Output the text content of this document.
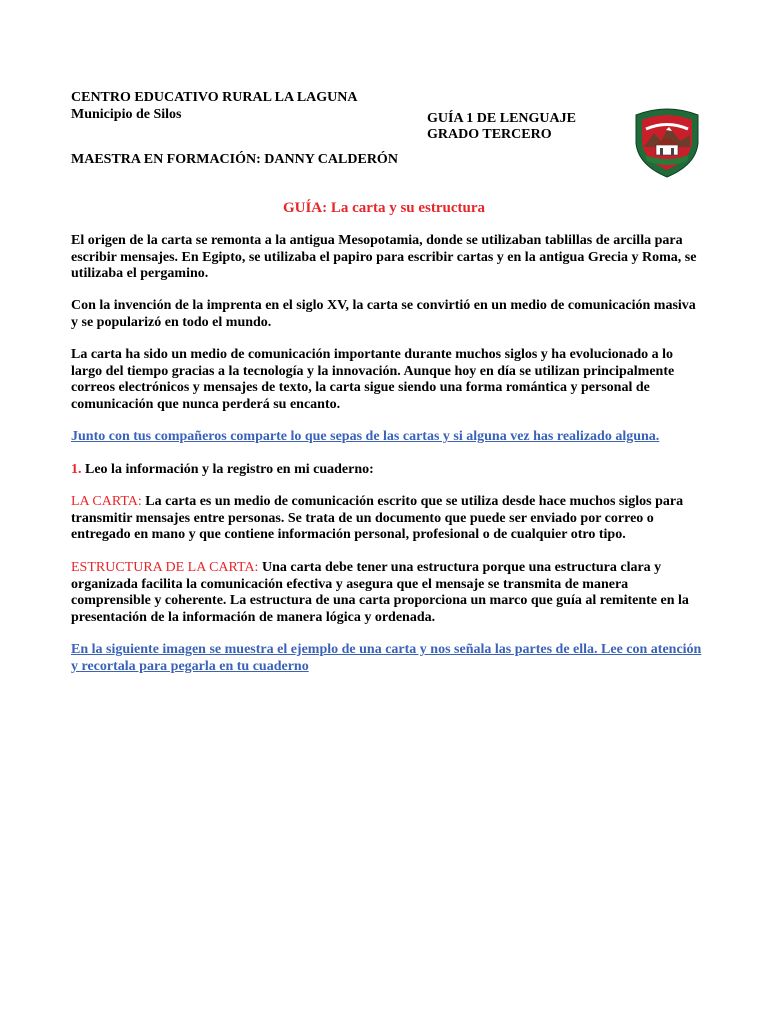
CENTRO EDUCATIVO RURAL LA LAGUNA
Municipio de Silos	GUÍA 1 DE LENGUAJE
GRADO TERCERO
MAESTRA EN FORMACIÓN: DANNY CALDERÓN
GUÍA: La carta y su estructura
El origen de la carta se remonta a la antigua Mesopotamia, donde se utilizaban tablillas de arcilla para escribir mensajes. En Egipto, se utilizaba el papiro para escribir cartas y en la antigua Grecia y Roma, se utilizaba el pergamino.
Con la invención de la imprenta en el siglo XV, la carta se convirtió en un medio de comunicación masiva y se popularizó en todo el mundo.
La carta ha sido un medio de comunicación importante durante muchos siglos y ha evolucionado a lo largo del tiempo gracias a la tecnología y la innovación. Aunque hoy en día se utilizan principalmente correos electrónicos y mensajes de texto, la carta sigue siendo una forma romántica y personal de comunicación que nunca perderá su encanto.
Junto con tus compañeros comparte lo que sepas de las cartas y si alguna vez has realizado alguna.
1. Leo la información y la registro en mi cuaderno:
LA CARTA: La carta es un medio de comunicación escrito que se utiliza desde hace muchos siglos para transmitir mensajes entre personas. Se trata de un documento que puede ser enviado por correo o entregado en mano y que contiene información personal, profesional o de cualquier otro tipo.
ESTRUCTURA DE LA CARTA: Una carta debe tener una estructura porque una estructura clara y organizada facilita la comunicación efectiva y asegura que el mensaje se transmita de manera comprensible y coherente. La estructura de una carta proporciona un marco que guía al remitente en la presentación de la información de manera lógica y ordenada.
En la siguiente imagen se muestra el ejemplo de una carta y nos señala las partes de ella. Lee con atención y recortala para pegarla en tu cuaderno
